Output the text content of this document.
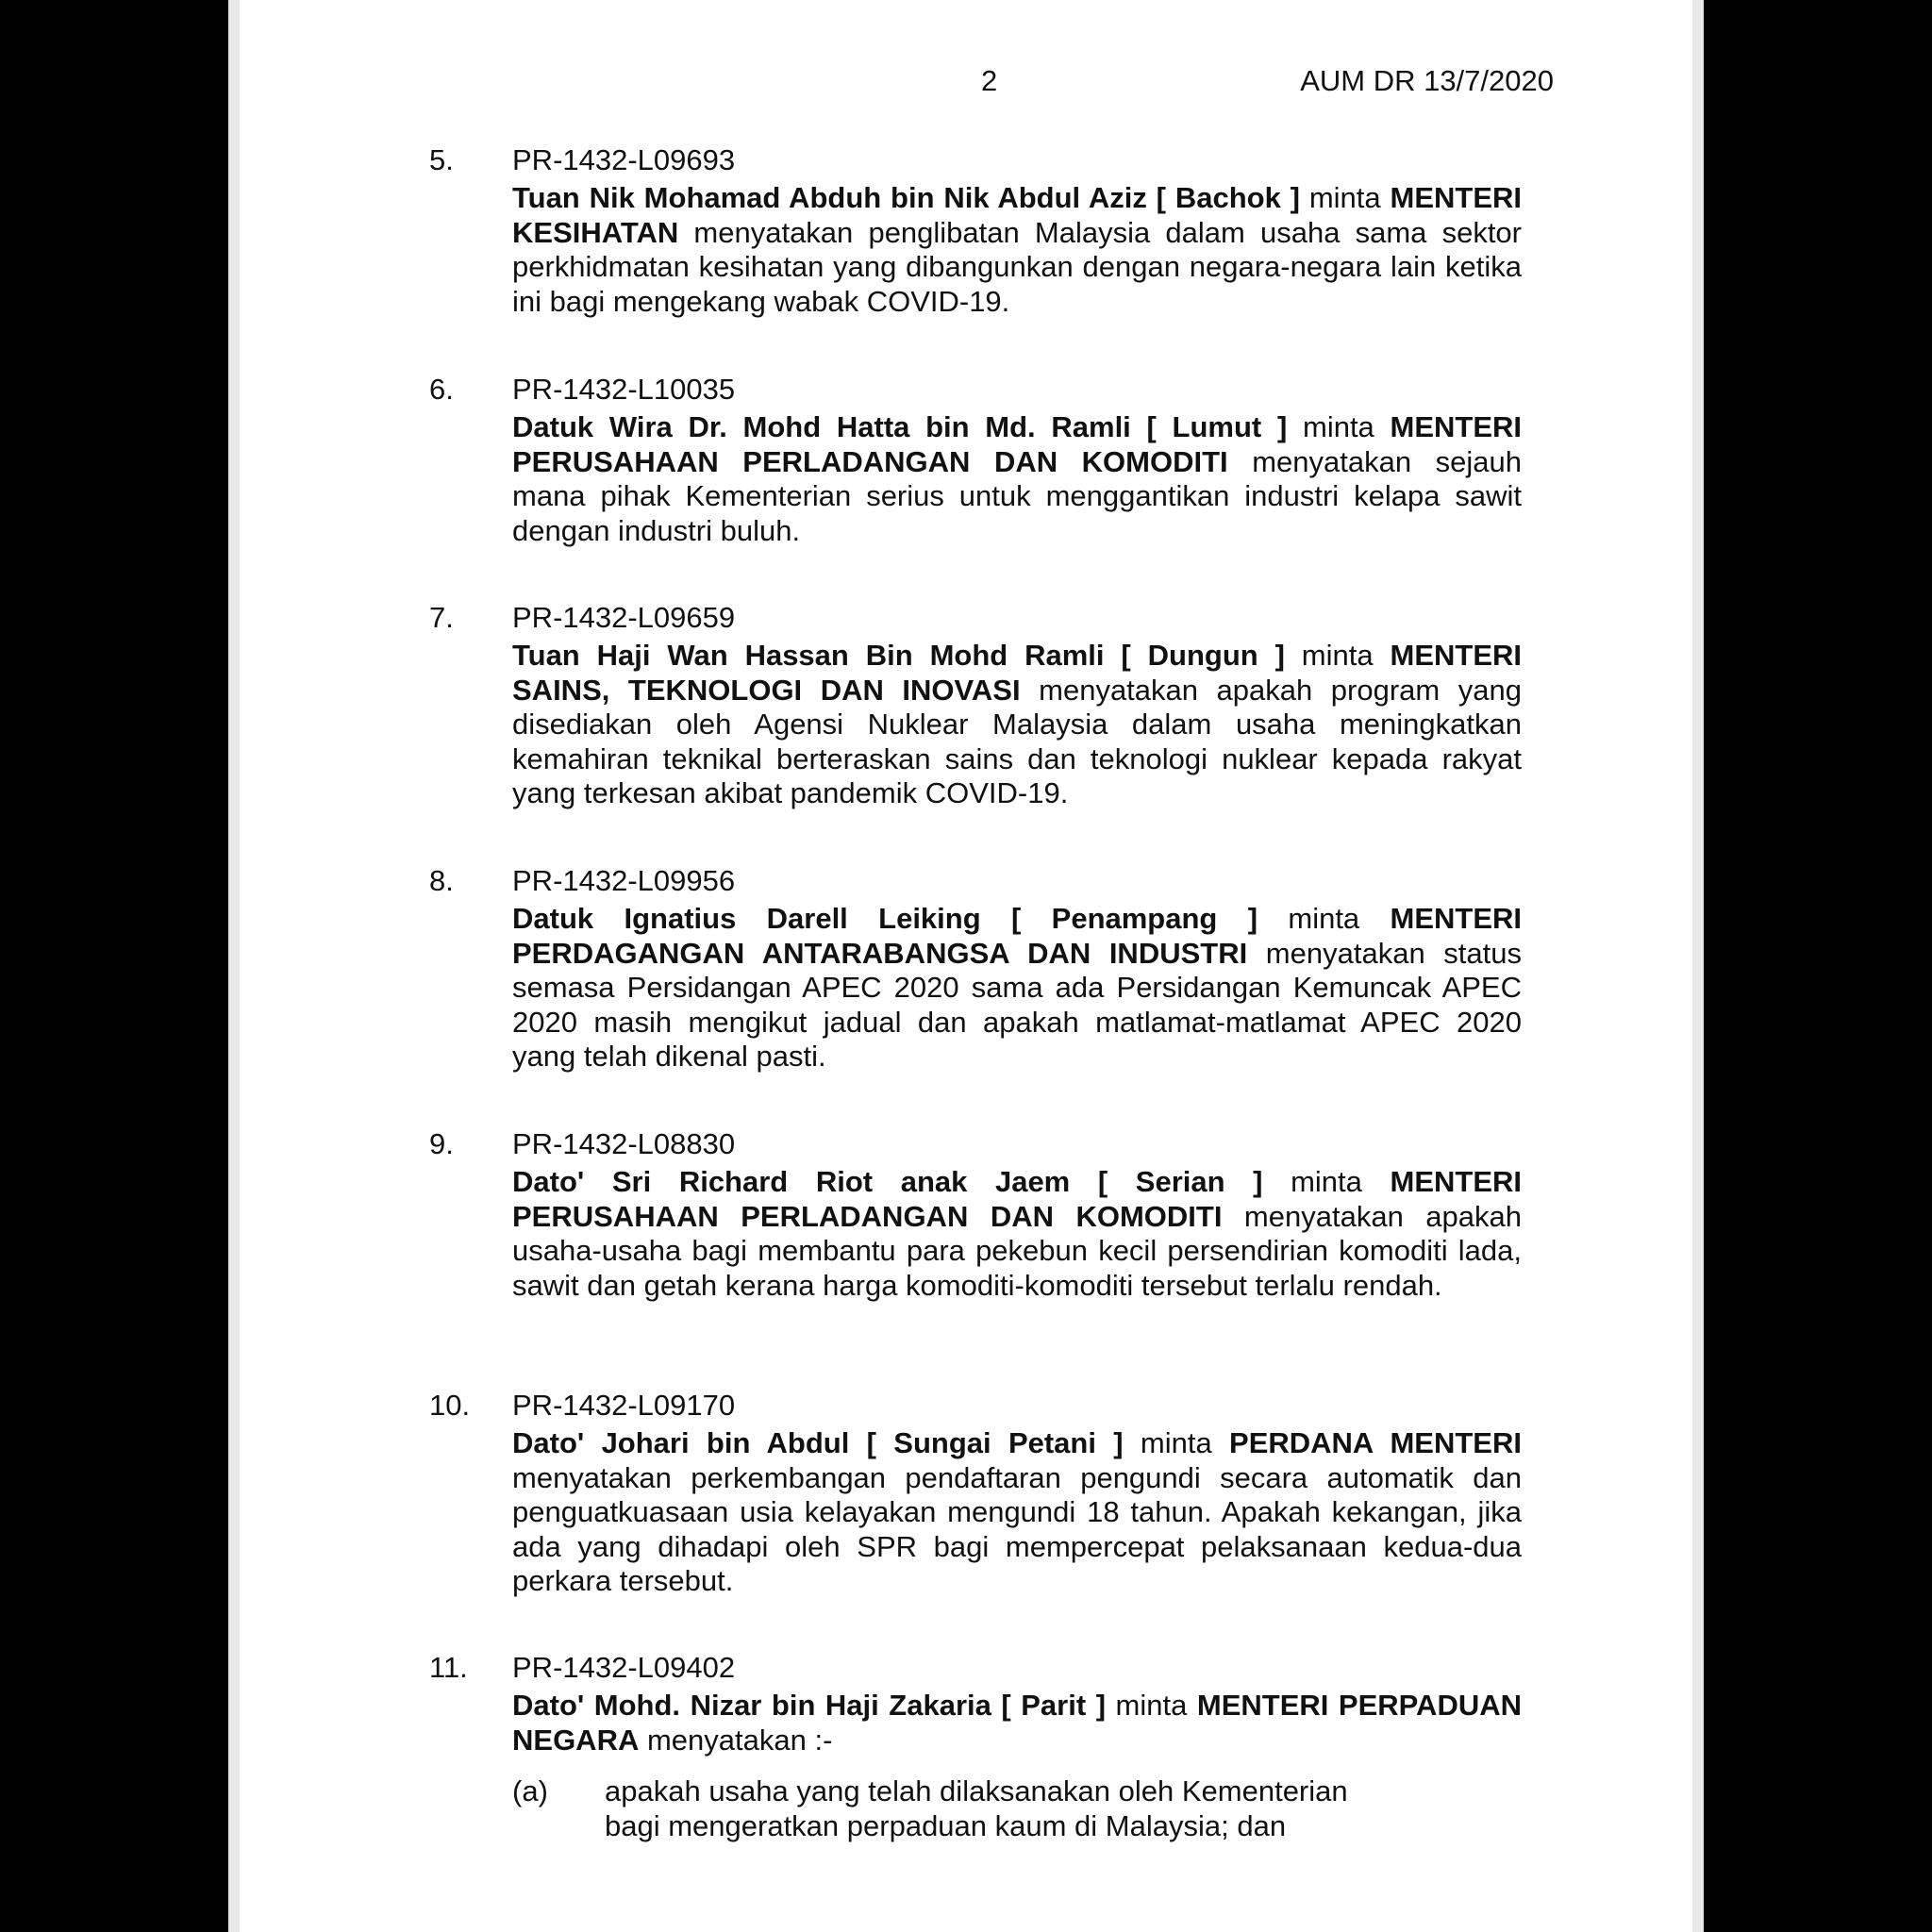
2	AUM DR 13/7/2020
5. PR-1432-L09693

Tuan Nik Mohamad Abduh bin Nik Abdul Aziz [ Bachok ] minta MENTERI KESIHATAN menyatakan penglibatan Malaysia dalam usaha sama sektor perkhidmatan kesihatan yang dibangunkan dengan negara-negara lain ketika ini bagi mengekang wabak COVID-19.

6. PR-1432-L10035

Datuk Wira Dr. Mohd Hatta bin Md. Ramli [ Lumut ] minta MENTERI PERUSAHAAN PERLADANGAN DAN KOMODITI menyatakan sejauh mana pihak Kementerian serius untuk menggantikan industri kelapa sawit dengan industri buluh.

7. PR-1432-L09659

Tuan Haji Wan Hassan Bin Mohd Ramli [ Dungun ] minta MENTERI SAINS, TEKNOLOGI DAN INOVASI menyatakan apakah program yang disediakan oleh Agensi Nuklear Malaysia dalam usaha meningkatkan kemahiran teknikal berteraskan sains dan teknologi nuklear kepada rakyat yang terkesan akibat pandemik COVID-19.

8. PR-1432-L09956

Datuk Ignatius Darell Leiking [ Penampang ] minta MENTERI PERDAGANGAN ANTARABANGSA DAN INDUSTRI menyatakan status semasa Persidangan APEC 2020 sama ada Persidangan Kemuncak APEC 2020 masih mengikut jadual dan apakah matlamat-matlamat APEC 2020 yang telah dikenal pasti.

9. PR-1432-L08830

Dato' Sri Richard Riot anak Jaem [ Serian ] minta MENTERI PERUSAHAAN PERLADANGAN DAN KOMODITI menyatakan apakah usaha-usaha bagi membantu para pekebun kecil persendirian komoditi lada, sawit dan getah kerana harga komoditi-komoditi tersebut terlalu rendah.

10. PR-1432-L09170

Dato' Johari bin Abdul [ Sungai Petani ] minta PERDANA MENTERI menyatakan perkembangan pendaftaran pengundi secara automatik dan penguatkuasaan usia kelayakan mengundi 18 tahun. Apakah kekangan, jika ada yang dihadapi oleh SPR bagi mempercepat pelaksanaan kedua-dua perkara tersebut.

11. PR-1432-L09402

Dato' Mohd. Nizar bin Haji Zakaria [ Parit ] minta MENTERI PERPADUAN NEGARA menyatakan :-

(a) apakah usaha yang telah dilaksanakan oleh Kementerian
bagi mengeratkan perpaduan kaum di Malaysia; dan
